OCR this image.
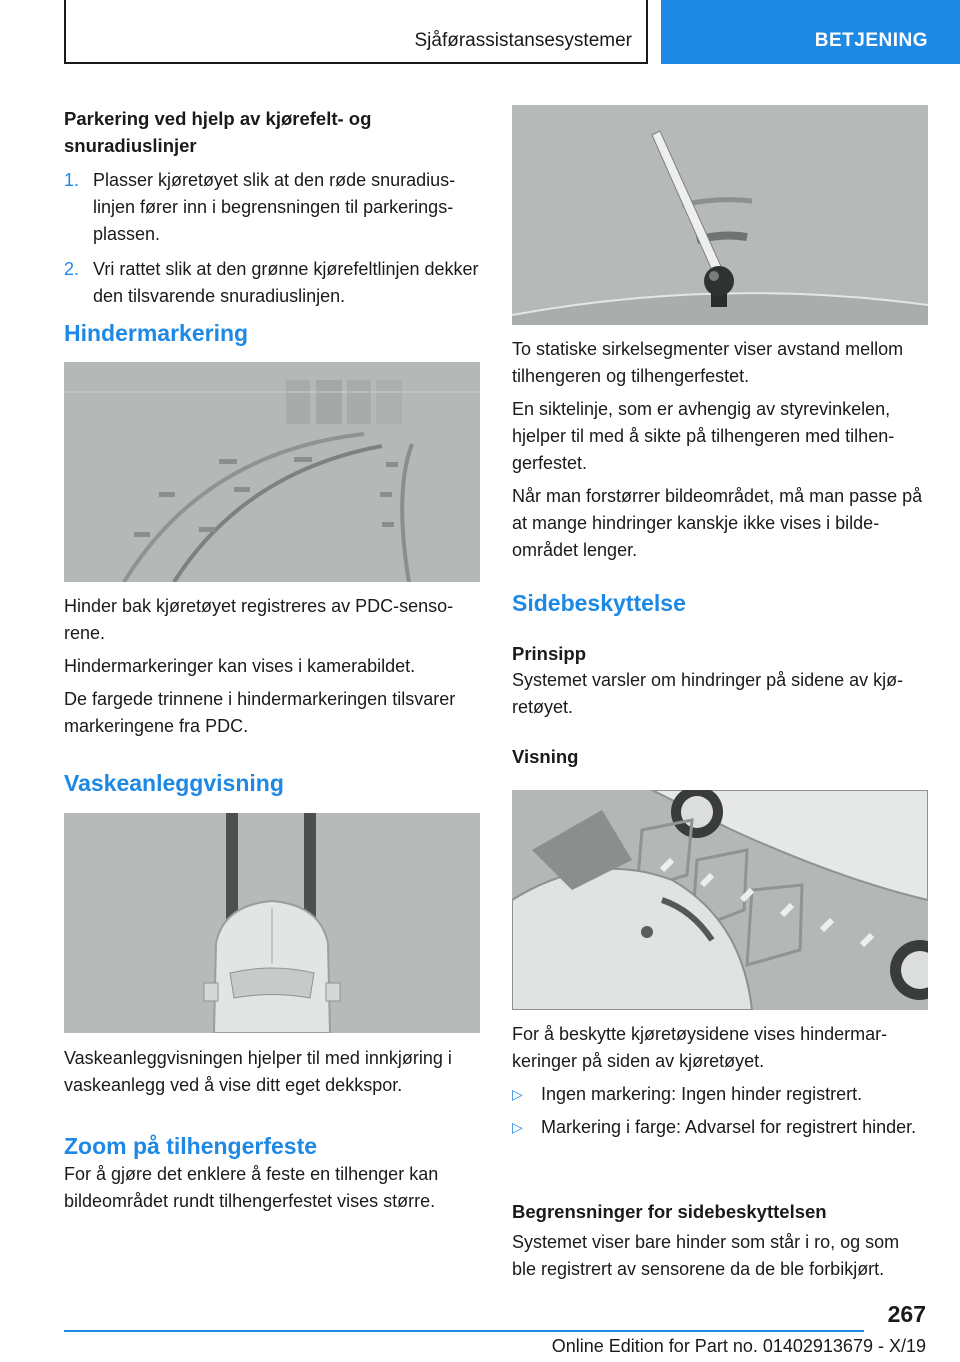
Sjåførassistansesystemer	BETJENING

Parkering ved hjelp av kjørefelt- og snuradiuslinjer

1. Plasser kjøretøyet slik at den røde snuradiuslinjen fører inn i begrensningen til parkeringsplassen.
2. Vri rattet slik at den grønne kjørefeltlinjen dekker den tilsvarende snuradiuslinjen.

Hindermarkering

Hinder bak kjøretøyet registreres av PDC-sensorene.

Hindermarkeringer kan vises i kamerabildet.

De fargede trinnene i hindermarkeringen tilsvarer markeringene fra PDC.

Vaskeanleggvisning

Vaskeanleggvisningen hjelper til med innkjøring i vaskeanlegg ved å vise ditt eget dekkspor.

Zoom på tilhengerfeste

For å gjøre det enklere å feste en tilhenger kan bildeområdet rundt tilhengerfestet vises større.

To statiske sirkelsegmenter viser avstand mellom tilhengeren og tilhengerfestet.

En siktelinje, som er avhengig av styrevinkelen, hjelper til med å sikte på tilhengeren med tilhengerfestet.

Når man forstørrer bildeområdet, må man passe på at mange hindringer kanskje ikke vises i bildeområdet lenger.

Sidebeskyttelse

Prinsipp

Systemet varsler om hindringer på sidene av kjøretøyet.

Visning

For å beskytte kjøretøysidene vises hindermarkeringer på siden av kjøretøyet.

▷ Ingen markering: Ingen hinder registrert.
▷ Markering i farge: Advarsel for registrert hinder.

Begrensninger for sidebeskyttelsen

Systemet viser bare hinder som står i ro, og som ble registrert av sensorene da de ble forbikjørt.

267
Online Edition for Part no. 01402913679 - X/19
